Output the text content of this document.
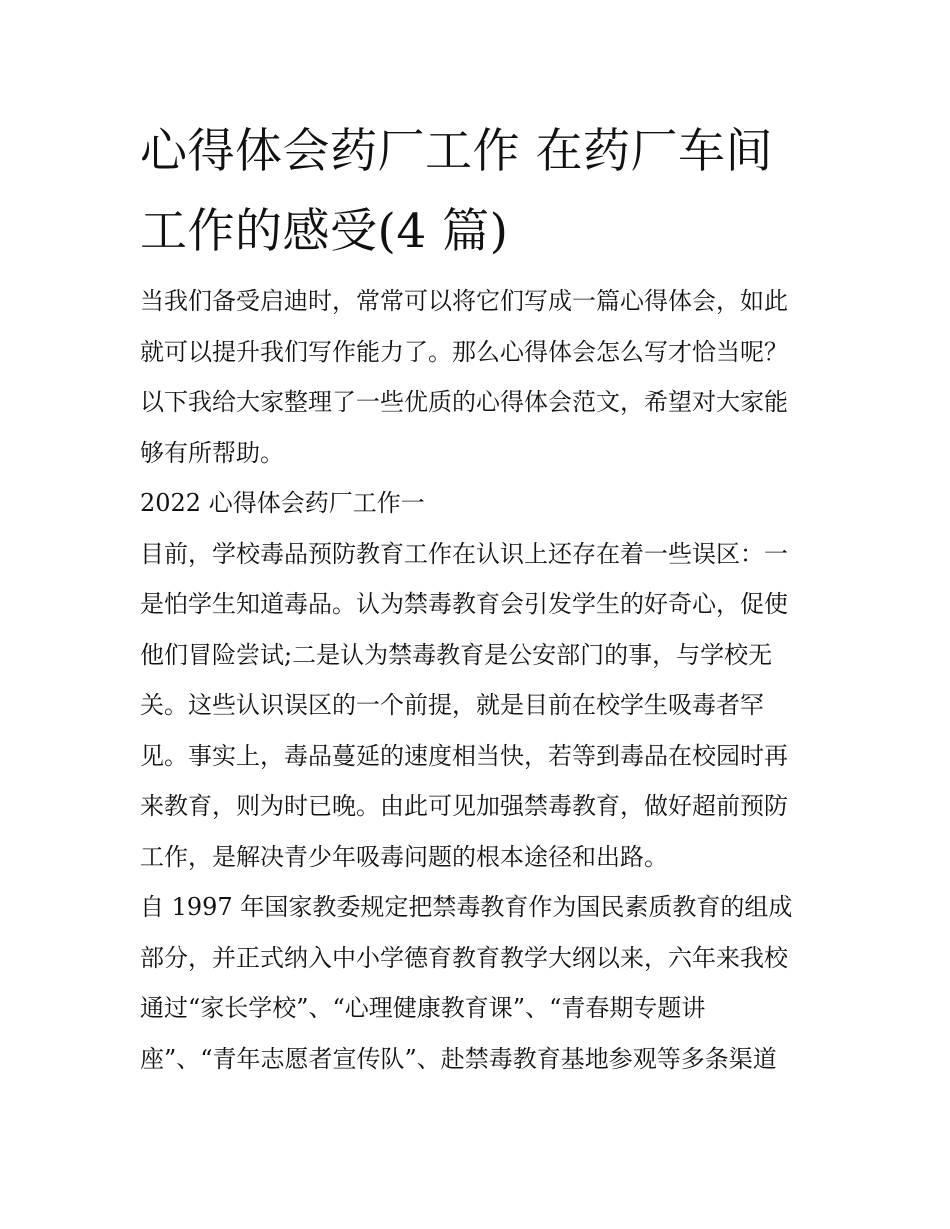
心得体会药厂工作 在药厂车间
工作的感受(4 篇)
当我们备受启迪时，常常可以将它们写成一篇心得体会，如此
就可以提升我们写作能力了。那么心得体会怎么写才恰当呢？
以下我给大家整理了一些优质的心得体会范文，希望对大家能
够有所帮助。
2022 心得体会药厂工作一
目前，学校毒品预防教育工作在认识上还存在着一些误区：一
是怕学生知道毒品。认为禁毒教育会引发学生的好奇心，促使
他们冒险尝试;二是认为禁毒教育是公安部门的事，与学校无
关。这些认识误区的一个前提，就是目前在校学生吸毒者罕
见。事实上，毒品蔓延的速度相当快，若等到毒品在校园时再
来教育，则为时已晚。由此可见加强禁毒教育，做好超前预防
工作，是解决青少年吸毒问题的根本途径和出路。
自 1997 年国家教委规定把禁毒教育作为国民素质教育的组成
部分，并正式纳入中小学德育教育教学大纲以来，六年来我校
通过“家长学校”、“心理健康教育课”、“青春期专题讲
座”、“青年志愿者宣传队”、赴禁毒教育基地参观等多条渠道
